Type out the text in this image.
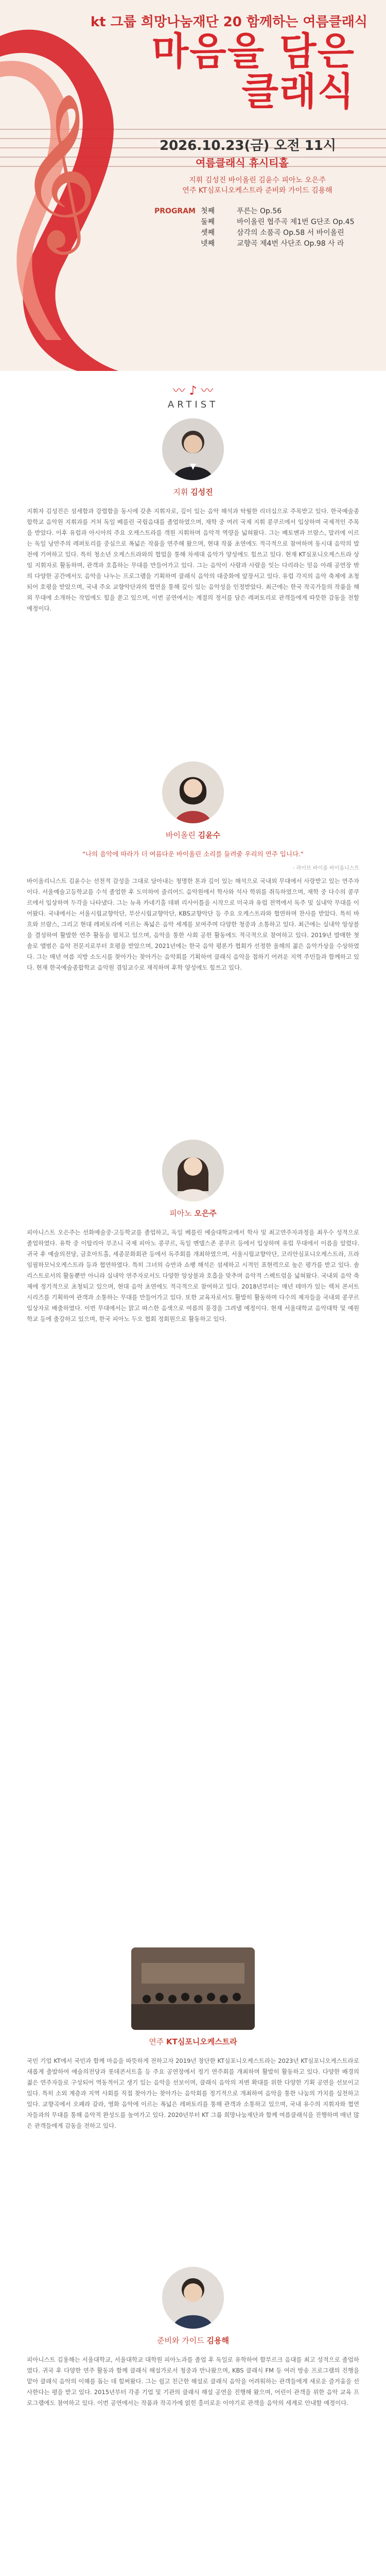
𝄞
kt 그룹 희망나눔재단 20 함께하는 여름클래식
마음을 담은
클래식
2026.10.23(금) 오전 11시
여름클래식 휴시티홀
지휘 김성진 바이올린 김윤수 피아노 오은주
연주 KT심포니오케스트라 준비와 가이드 김용해
PROGRAM 첫째	푸른는 Op.56
둘째	바이올린 협주곡 제1번 G단조 Op.45
셋째	삼각의 소품곡 Op.58 서 바이올린
넷째	교향곡 제4번 사단조 Op.98 사 라
〰 ♪ 〰
ARTIST
지휘 김성진
지휘자 김성진은 섬세함과 강렬함을 동시에 갖춘 지휘자로, 깊이 있는 음악 해석과 탁월한 리더십으로 주목받고 있다. 한국예술종합학교 음악원 지휘과를 거쳐 독일 베를린 국립음대를 졸업하였으며, 재학 중 여러 국제 지휘 콩쿠르에서 입상하며 국제적인 주목을 받았다. 이후 유럽과 아시아의 주요 오케스트라를 객원 지휘하며 음악적 역량을 넓혀왔다. 그는 베토벤과 브람스, 말러에 이르는 독일 낭만주의 레퍼토리를 중심으로 폭넓은 작품을 연주해 왔으며, 현대 작품 초연에도 적극적으로 참여하며 동시대 음악의 발전에 기여하고 있다. 특히 청소년 오케스트라와의 협업을 통해 차세대 음악가 양성에도 힘쓰고 있다. 현재 KT심포니오케스트라 상임 지휘자로 활동하며, 관객과 호흡하는 무대를 만들어가고 있다. 그는 음악이 사람과 사람을 잇는 다리라는 믿음 아래 공연장 밖의 다양한 공간에서도 음악을 나누는 프로그램을 기획하며 클래식 음악의 대중화에 앞장서고 있다. 유럽 각지의 음악 축제에 초청되어 호평을 받았으며, 국내 주요 교향악단과의 협연을 통해 깊이 있는 음악성을 인정받았다. 최근에는 한국 작곡가들의 작품을 해외 무대에 소개하는 작업에도 힘을 쏟고 있으며, 이번 공연에서는 계절의 정서를 담은 레퍼토리로 관객들에게 따뜻한 감동을 전할 예정이다.
바이올린 김윤수
"나의 음악에 따라가 더 여름다운 바이올린 소리를 들려줄 우리의 연주 입니다."
- 라이브 바이올 바이올니스트
바이올리니스트 김윤수는 선천적 감성을 그대로 담아내는 청명한 톤과 깊이 있는 해석으로 국내외 무대에서 사랑받고 있는 연주자이다. 서울예술고등학교를 수석 졸업한 후 도미하여 줄리어드 음악원에서 학사와 석사 학위를 취득하였으며, 재학 중 다수의 콩쿠르에서 입상하며 두각을 나타냈다. 그는 뉴욕 카네기홀 데뷔 리사이틀을 시작으로 미국과 유럽 전역에서 독주 및 실내악 무대를 이어왔다. 국내에서는 서울시립교향악단, 부산시립교향악단, KBS교향악단 등 주요 오케스트라와 협연하며 찬사를 받았다. 특히 바흐와 브람스, 그리고 현대 레퍼토리에 이르는 폭넓은 음악 세계를 보여주며 다양한 청중과 소통하고 있다. 최근에는 실내악 앙상블을 결성하여 활발한 연주 활동을 펼치고 있으며, 음악을 통한 사회 공헌 활동에도 적극적으로 참여하고 있다. 2019년 발매한 첫 솔로 앨범은 음악 전문지로부터 호평을 받았으며, 2021년에는 한국 음악 평론가 협회가 선정한 올해의 젊은 음악가상을 수상하였다. 그는 매년 여름 지방 소도시를 찾아가는 찾아가는 음악회를 기획하여 클래식 음악을 접하기 어려운 지역 주민들과 함께하고 있다. 현재 한국예술종합학교 음악원 겸임교수로 재직하며 후학 양성에도 힘쓰고 있다.
피아노 오은주
피아니스트 오은주는 선화예술중·고등학교를 졸업하고, 독일 베를린 예술대학교에서 학사 및 최고연주자과정을 최우수 성적으로 졸업하였다. 유학 중 이탈리아 부조니 국제 피아노 콩쿠르, 독일 멘델스존 콩쿠르 등에서 입상하며 유럽 무대에서 이름을 알렸다. 귀국 후 예술의전당, 금호아트홀, 세종문화회관 등에서 독주회를 개최하였으며, 서울시립교향악단, 코리안심포니오케스트라, 프라임필하모닉오케스트라 등과 협연하였다. 특히 그녀의 슈만과 쇼팽 해석은 섬세하고 시적인 표현력으로 높은 평가를 받고 있다. 솔리스트로서의 활동뿐만 아니라 실내악 연주자로서도 다양한 앙상블과 호흡을 맞추며 음악적 스펙트럼을 넓혀왔다. 국내외 음악 축제에 정기적으로 초청되고 있으며, 현대 음악 초연에도 적극적으로 참여하고 있다. 2018년부터는 매년 테마가 있는 렉처 콘서트 시리즈를 기획하여 관객과 소통하는 무대를 만들어가고 있다. 또한 교육자로서도 활발히 활동하며 다수의 제자들을 국내외 콩쿠르 입상자로 배출하였다. 이번 무대에서는 맑고 따스한 음색으로 여름의 풍경을 그려낼 예정이다. 현재 서울대학교 음악대학 및 예원학교 등에 출강하고 있으며, 한국 피아노 두오 협회 정회원으로 활동하고 있다.
연주 KT심포니오케스트라
국민 기업 KT에서 국민과 함께 마음을 따뜻하게 전하고자 2019년 창단한 KT심포니오케스트라는 2023년 KT심포니오케스트라로 새롭게 출발하여 예술의전당과 롯데콘서트홀 등 주요 공연장에서 정기 연주회를 개최하며 활발히 활동하고 있다. 다양한 배경의 젊은 연주자들로 구성되어 역동적이고 생기 있는 음악을 선보이며, 클래식 음악의 저변 확대를 위한 다양한 기획 공연을 선보이고 있다. 특히 소외 계층과 지역 사회를 직접 찾아가는 찾아가는 음악회를 정기적으로 개최하여 음악을 통한 나눔의 가치를 실천하고 있다. 교향곡에서 오페라 갈라, 영화 음악에 이르는 폭넓은 레퍼토리를 통해 관객과 소통하고 있으며, 국내 유수의 지휘자와 협연자들과의 무대를 통해 음악적 완성도를 높여가고 있다. 2020년부터 KT 그룹 희망나눔재단과 함께 여름클래식을 진행하며 매년 많은 관객들에게 감동을 전하고 있다.
준비와 가이드 김용해
피아니스트 김용해는 서울대학교, 서울대학교 대학원 피아노과를 졸업 후 독일로 유학하여 함부르크 음대를 최고 성적으로 졸업하였다. 귀국 후 다양한 연주 활동과 함께 클래식 해설가로서 청중과 만나왔으며, KBS 클래식 FM 등 여러 방송 프로그램의 진행을 맡아 클래식 음악의 이해를 돕는 데 힘써왔다. 그는 쉽고 친근한 해설로 클래식 음악을 어려워하는 관객들에게 새로운 즐거움을 선사한다는 평을 받고 있다. 2015년부터 각종 기업 및 기관의 클래식 해설 공연을 진행해 왔으며, 어린이 관객을 위한 음악 교육 프로그램에도 참여하고 있다. 이번 공연에서는 작품과 작곡가에 얽힌 흥미로운 이야기로 관객을 음악의 세계로 안내할 예정이다.
